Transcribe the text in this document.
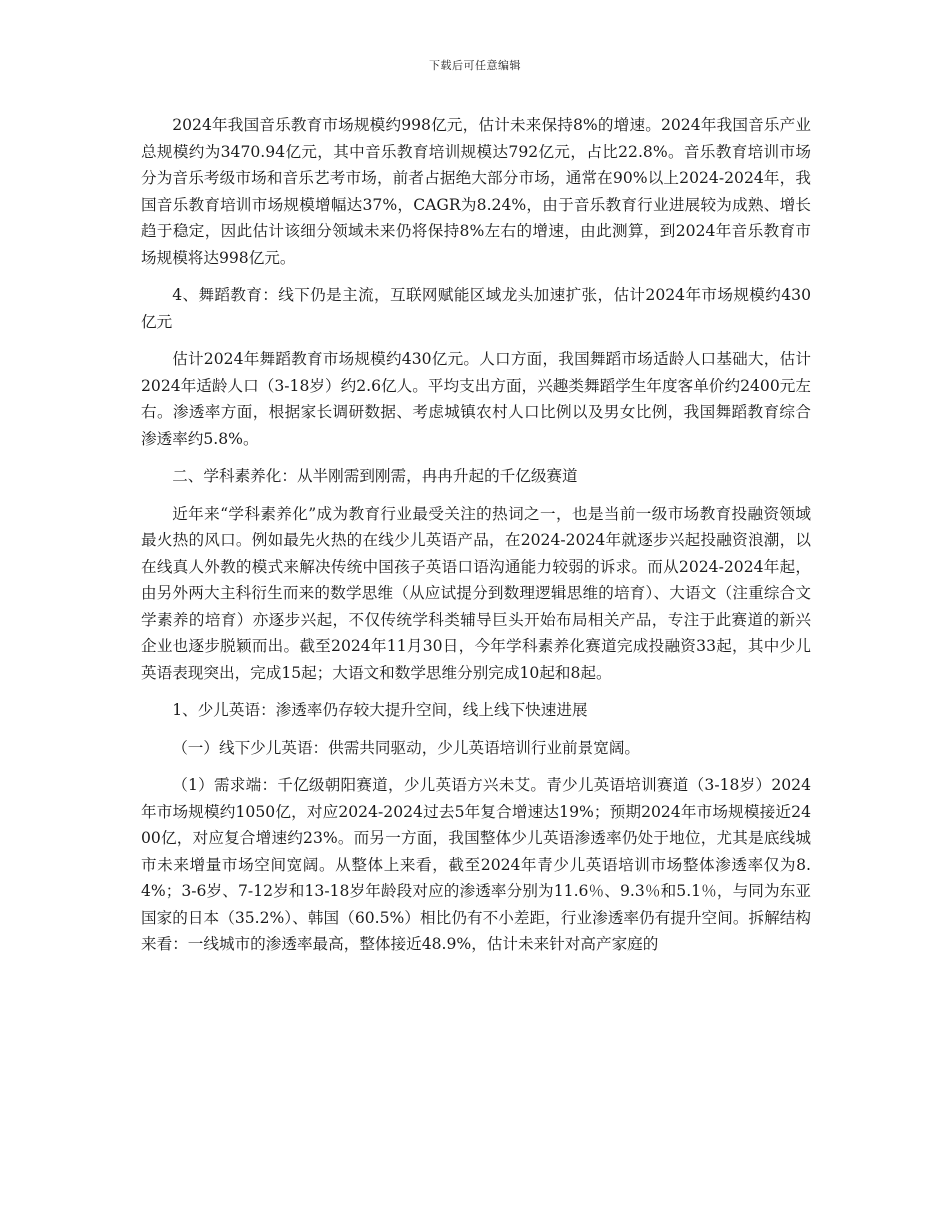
下载后可任意编辑

2024年我国音乐教育市场规模约998亿元，估计未来保持8%的增速。2024年我国音乐产业总规模约为3470.94亿元，其中音乐教育培训规模达792亿元，占比22.8%。音乐教育培训市场分为音乐考级市场和音乐艺考市场，前者占据绝大部分市场，通常在90%以上2024-2024年，我国音乐教育培训市场规模增幅达37%，CAGR为8.24%，由于音乐教育行业进展较为成熟、增长趋于稳定，因此估计该细分领域未来仍将保持8%左右的增速，由此测算，到2024年音乐教育市场规模将达998亿元。

4、舞蹈教育：线下仍是主流，互联网赋能区域龙头加速扩张，估计2024年市场规模约430亿元

估计2024年舞蹈教育市场规模约430亿元。人口方面，我国舞蹈市场适龄人口基础大，估计2024年适龄人口（3-18岁）约2.6亿人。平均支出方面，兴趣类舞蹈学生年度客单价约2400元左右。渗透率方面，根据家长调研数据、考虑城镇农村人口比例以及男女比例，我国舞蹈教育综合渗透率约5.8%。

二、学科素养化：从半刚需到刚需，冉冉升起的千亿级赛道

近年来“学科素养化”成为教育行业最受关注的热词之一，也是当前一级市场教育投融资领域最火热的风口。例如最先火热的在线少儿英语产品，在2024-2024年就逐步兴起投融资浪潮，以在线真人外教的模式来解决传统中国孩子英语口语沟通能力较弱的诉求。而从2024-2024年起，由另外两大主科衍生而来的数学思维（从应试提分到数理逻辑思维的培育）、大语文（注重综合文学素养的培育）亦逐步兴起，不仅传统学科类辅导巨头开始布局相关产品，专注于此赛道的新兴企业也逐步脱颖而出。截至2024年11月30日，今年学科素养化赛道完成投融资33起，其中少儿英语表现突出，完成15起；大语文和数学思维分别完成10起和8起。

1、少儿英语：渗透率仍存较大提升空间，线上线下快速进展

（一）线下少儿英语：供需共同驱动，少儿英语培训行业前景宽阔。

（1）需求端：千亿级朝阳赛道，少儿英语方兴未艾。青少儿英语培训赛道（3-18岁）2024年市场规模约1050亿，对应2024-2024过去5年复合增速达19%；预期2024年市场规模接近2400亿，对应复合增速约23%。而另一方面，我国整体少儿英语渗透率仍处于地位，尤其是底线城市未来增量市场空间宽阔。从整体上来看，截至2024年青少儿英语培训市场整体渗透率仅为8.4%；3-6岁、7-12岁和13-18岁年龄段对应的渗透率分别为11.6％、9.3％和5.1％，与同为东亚国家的日本（35.2%）、韩国（60.5%）相比仍有不小差距，行业渗透率仍有提升空间。拆解结构来看：一线城市的渗透率最高，整体接近48.9%，估计未来针对高产家庭的
